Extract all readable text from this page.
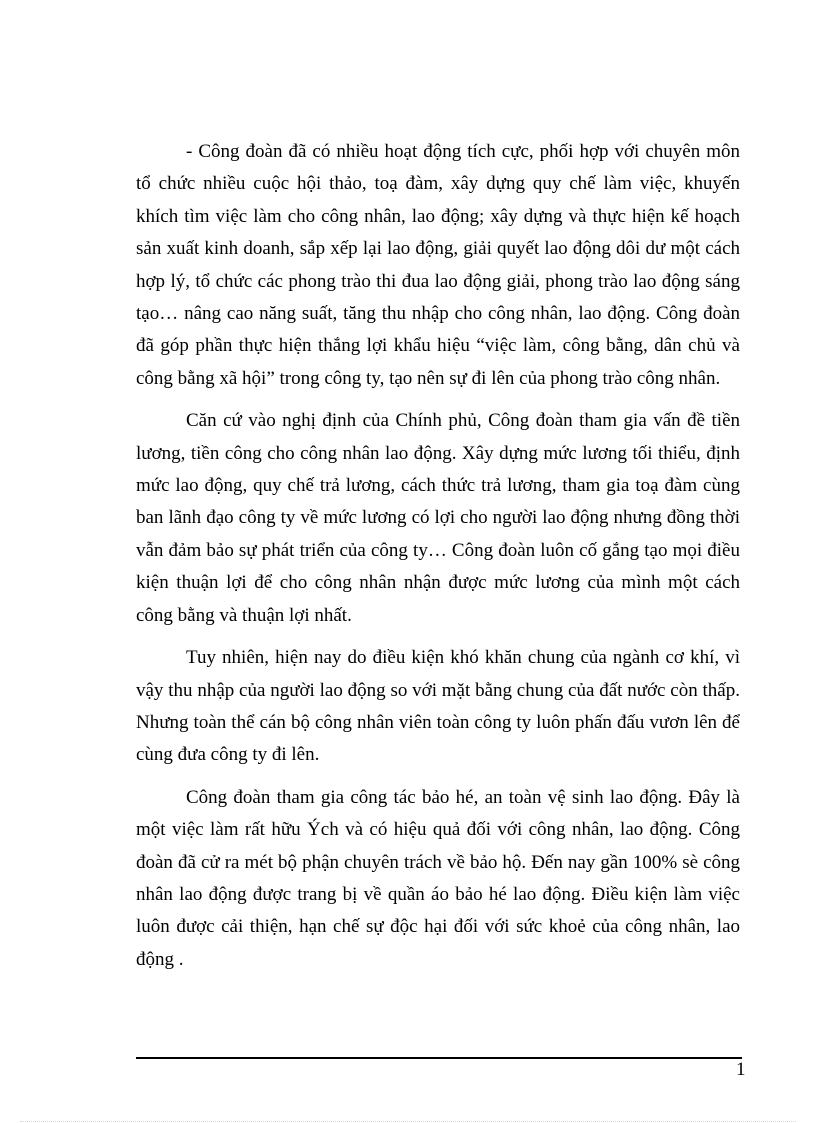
- Công đoàn đã có nhiều hoạt động tích cực, phối hợp với chuyên môn tổ chức nhiều cuộc hội thảo, toạ đàm, xây dựng quy chế làm việc, khuyến khích tìm việc làm cho công nhân, lao động; xây dựng và thực hiện kế hoạch sản xuất kinh doanh, sắp xếp lại lao động, giải quyết lao động dôi dư một cách hợp lý, tổ chức các phong trào thi đua lao động giải, phong trào lao động sáng tạo… nâng cao năng suất, tăng thu nhập cho công nhân, lao động. Công đoàn đã góp phần thực hiện thắng lợi khẩu hiệu “việc làm, công bằng, dân chủ và công bằng xã hội” trong công ty, tạo nên sự đi lên của phong trào công nhân.

Căn cứ vào nghị định của Chính phủ, Công đoàn tham gia vấn đề tiền lương, tiền công cho công nhân lao động. Xây dựng mức lương tối thiểu, định mức lao động, quy chế trả lương, cách thức trả lương, tham gia toạ đàm cùng ban lãnh đạo công ty về mức lương có lợi cho người lao động nhưng đồng thời vẫn đảm bảo sự phát triển của công ty… Công đoàn luôn cố gắng tạo mọi điều kiện thuận lợi để cho công nhân nhận được mức lương của mình một cách công bằng và thuận lợi nhất.

Tuy nhiên, hiện nay do điều kiện khó khăn chung của ngành cơ khí, vì vậy thu nhập của người lao động so với mặt bằng chung của đất nước còn thấp. Nhưng toàn thể cán bộ công nhân viên toàn công ty luôn phấn đấu vươn lên để cùng đưa công ty đi lên.

Công đoàn tham gia công tác bảo hé, an toàn vệ sinh lao động. Đây là một việc làm rất hữu Ých và có hiệu quả đối với công nhân, lao động. Công đoàn đã cử ra mét bộ phận chuyên trách về bảo hộ. Đến nay gần 100% sè công nhân lao động được trang bị về quần áo bảo hé lao động. Điều kiện làm việc luôn được cải thiện, hạn chế sự độc hại đối với sức khoẻ của công nhân, lao động .

1
